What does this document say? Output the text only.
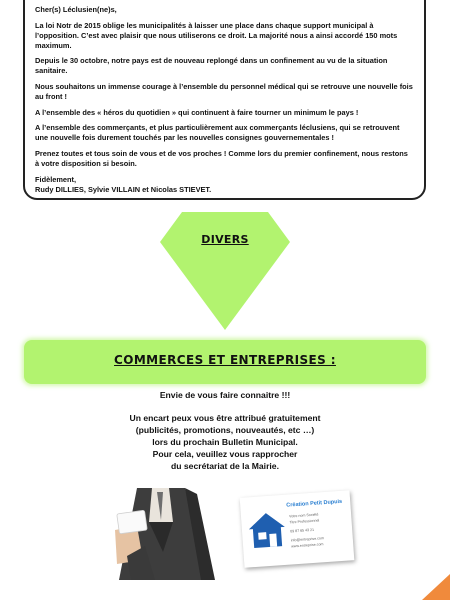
Cher(s) Léclusien(ne)s,

La loi Notr de 2015 oblige les municipalités à laisser une place dans chaque support municipal à l’opposition. C’est avec plaisir que nous utiliserons ce droit. La majorité nous a ainsi accordé 150 mots maximum.

Depuis le 30 octobre, notre pays est de nouveau replongé dans un confinement au vu de la situation sanitaire.

Nous souhaitons un immense courage à l’ensemble du personnel médical qui se retrouve une nouvelle fois au front !

A l’ensemble des « héros du quotidien » qui continuent à faire tourner un minimum le pays !

A l’ensemble des commerçants, et plus particulièrement aux commerçants léclusiens, qui se retrouvent une nouvelle fois durement touchés par les nouvelles consignes gouvernementales !

Prenez toutes et tous soin de vous et de vos proches ! Comme lors du premier confinement, nous restons à votre disposition si besoin.

Fidèlement,

Rudy DILLIES, Sylvie VILLAIN et Nicolas STIEVET.

DIVERS
COMMERCES ET ENTREPRISES :
Envie de vous faire connaitre !!!
Un encart peux vous être attribué gratuitement
(publicités, promotions, nouveautés, etc …)
lors du prochain Bulletin Municipal.
Pour cela, veuillez vous rapprocher
du secrétariat de la Mairie.
Création Petit Dupuis
Votre nom Société
Titre Professionnel
09 87 65 43 21
info@entreprise.com
www.entreprise.com
